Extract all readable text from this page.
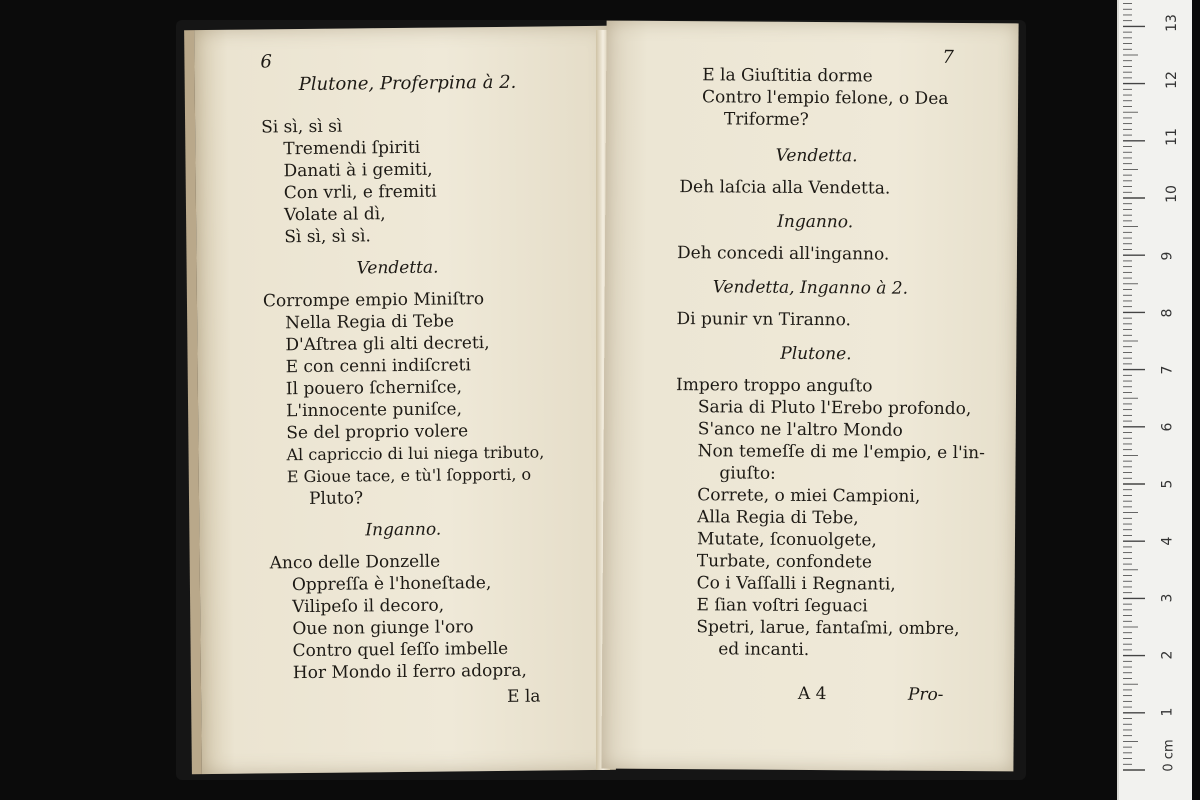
6
Plutone, Proferpina à 2.
Si sì, sì sì
Tremendi ſpiriti
Danati à i gemiti,
Con vrli, e fremiti
Volate al dì,
Sì sì, sì sì.
Vendetta.
Corrompe empio Miniſtro
Nella Regia di Tebe
D'Aſtrea gli alti decreti,
E con cenni indiſcreti
Il pouero ſcherniſce,
L'innocente puniſce,
Se del proprio volere
Al capriccio di lui niega tributo,
E Gioue tace, e tù'l ſopporti, o
Pluto?
Inganno.
Anco delle Donzelle
Oppreſſa è l'honeſtade,
Vilipeſo il decoro,
Oue non giunge l'oro
Contro quel ſeſſo imbelle
Hor Mondo il ferro adopra,
E la
7
E la Giuſtitia dorme
Contro l'empio felone, o Dea
Triforme?
Vendetta.
Deh laſcia alla Vendetta.
Inganno.
Deh concedi all'inganno.
Vendetta, Inganno à 2.
Di punir vn Tiranno.
Plutone.
Impero troppo anguſto
Saria di Pluto l'Erebo profondo,
S'anco ne l'altro Mondo
Non temeſſe di me l'empio, e l'in-
giuſto:
Correte, o miei Campioni,
Alla Regia di Tebe,
Mutate, ſconuolgete,
Turbate, confondete
Co i Vaſſalli i Regnanti,
E ſian voſtri ſeguaci
Spetri, larue, fantaſmi, ombre,
ed incanti.
A 4	Pro-
0 cm
1
2
3
4
5
6
7
8
9
10
11
12
13
